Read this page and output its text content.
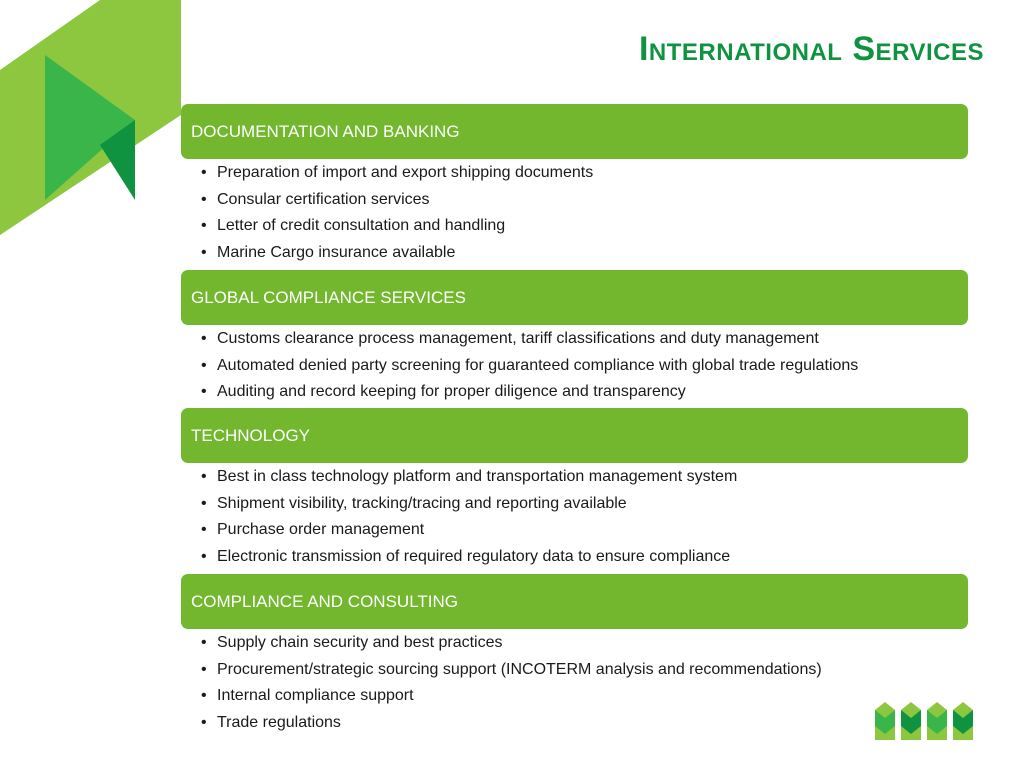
International Services
DOCUMENTATION AND BANKING
• Preparation of import and export shipping documents
• Consular certification services
• Letter of credit consultation and handling
• Marine Cargo insurance available
GLOBAL COMPLIANCE SERVICES
• Customs clearance process management, tariff classifications and duty management
• Automated denied party screening for guaranteed compliance with global trade regulations
• Auditing and record keeping for proper diligence and transparency
TECHNOLOGY
• Best in class technology platform and transportation management system
• Shipment visibility, tracking/tracing and reporting available
• Purchase order management
• Electronic transmission of required regulatory data to ensure compliance
COMPLIANCE AND CONSULTING
• Supply chain security and best practices
• Procurement/strategic sourcing support (INCOTERM analysis and recommendations)
• Internal compliance support
• Trade regulations
